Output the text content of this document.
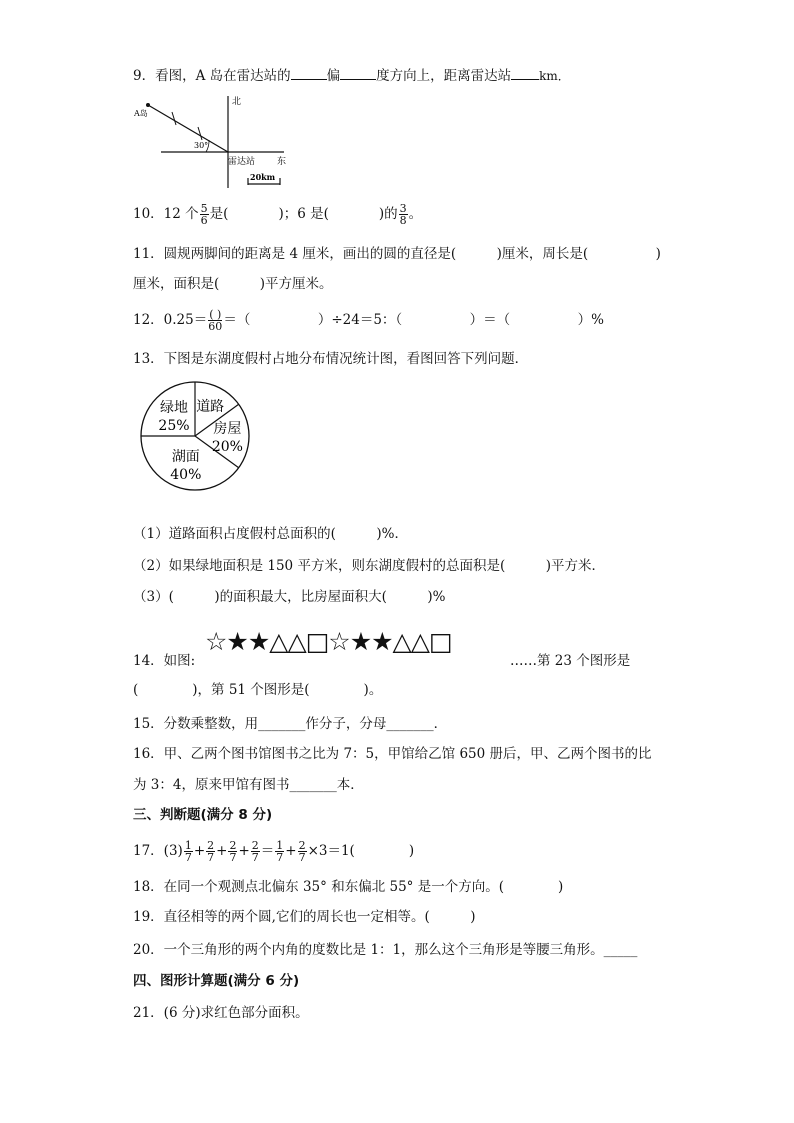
9．看图，A 岛在雷达站的	偏	度方向上，距离雷达站 km．
北
A岛
30°
雷达站 东
20km
10．12 个 $\frac{5}{6}$ 是(	)；6 是(	)的 $\frac{3}{8}$ 。
11．圆规两脚间的距离是 4 厘米，画出的圆的直径是(　　　)厘米，周长是(　　　　　)
厘米，面积是(　　　)平方厘米。
12．$0.25= \frac{( )}{60}$ ＝（　　　　　）÷24＝5：（　　　　　）＝（　　　　　）%
13．下图是东湖度假村占地分布情况统计图，看图回答下列问题．
绿地
25%
道路
房屋
20%
湖面
40%
（1）道路面积占度假村总面积的(　　　)%．
（2）如果绿地面积是 150 平方米，则东湖度假村的总面积是(　　　)平方米．
（3）(　　　)的面积最大，比房屋面积大(　　　)%
14．如图:
☆★★△△□☆★★△△□
……第 23 个图形是
(　　　　)，第 51 个图形是(　　　　)。
15．分数乘整数，用_______作分子，分母_______．
16．甲、乙两个图书馆图书之比为 7：5，甲馆给乙馆 650 册后，甲、乙两个图书的比
为 3：4，原来甲馆有图书_______本．
三、判断题(满分 8 分)
17．$(3) \frac{1}{7} + \frac{2}{7} + \frac{2}{7} + \frac{2}{7} = \frac{1}{7} + \frac{2}{7} \times 3=1$(　　　　)
18．在同一个观测点北偏东 35° 和东偏北 55° 是一个方向。(　　　　)
19．直径相等的两个圆,它们的周长也一定相等。(　　　)
20．一个三角形的两个内角的度数比是 1：1，那么这个三角形是等腰三角形。_____
四、图形计算题(满分 6 分)
21．(6 分)求红色部分面积。
